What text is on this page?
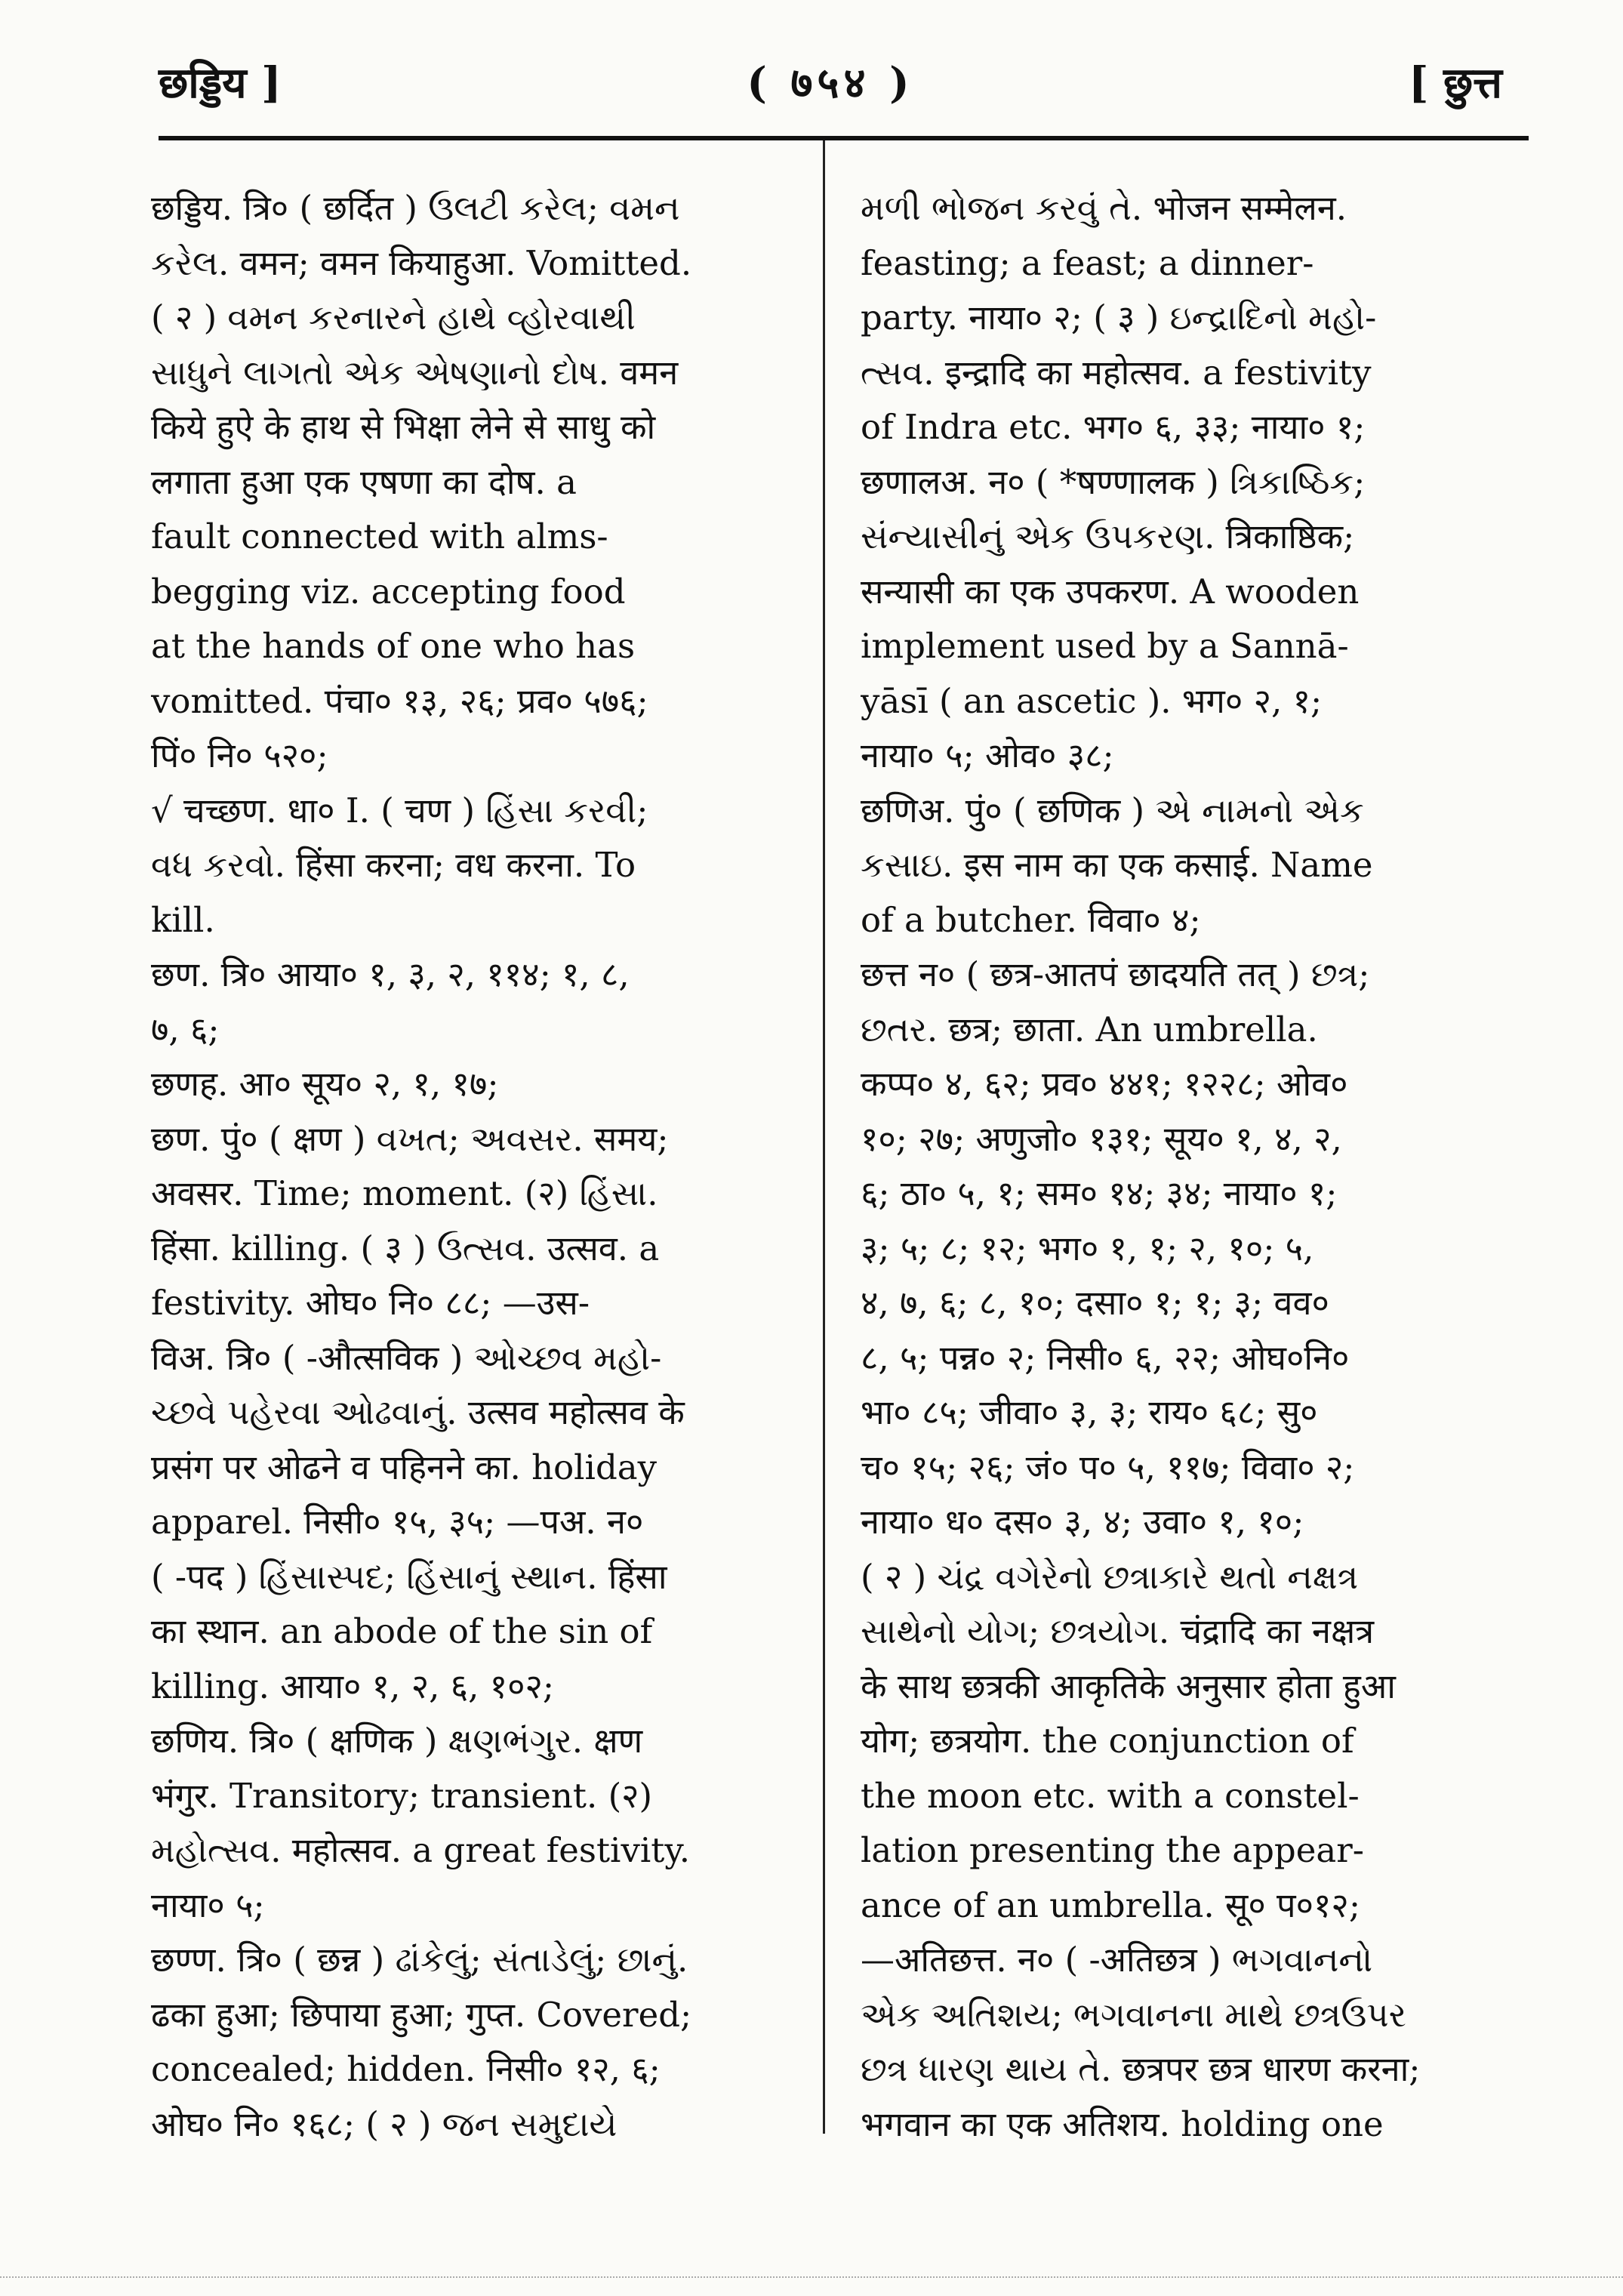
छड्डिय ]	( ७५४ )	[ छुत्त
छड्डिय. त्रि० ( छर्दित ) ઉલટી કરેલ; વમન
કરેલ. वमन; वमन कियाहुआ. Vomitted.
( २ ) વમન કરનારને હાથે વ્હોરવાથી
સાધુને લાગતો એક એષણાનો દોષ. वमन
किये हुऐ के हाथ से भिक्षा लेने से साधु को
लगाता हुआ एक एषणा का दोष. a
fault connected with alms-
begging viz. accepting food
at the hands of one who has
vomitted. पंचा० १३, २६; प्रव० ५७६;
पिं० नि० ५२०;
√ चच्छण. धा० I. ( चण ) હિંસા કરવી;
વધ કરવો. हिंसा करना; वध करना. To
kill.
छण. त्रि० आया० १, ३, २, ११४; १, ८,
७, ६;
छणह. आ० सूय० २, १, १७;
छण. पुं० ( क्षण ) વખત; અવસર. समय;
अवसर. Time; moment. (२) હિંસા.
हिंसा. killing. ( ३ ) ઉત્સવ. उत्सव. a
festivity. ओघ० नि० ८८; —उस-
विअ. त्रि० ( -औत्सविक ) ઓચ્છવ મહો-
ચ્છવે પહેરવા ઓઢવાનું. उत्सव महोत्सव के
प्रसंग पर ओढने व पहिनने का. holiday
apparel. निसी० १५, ३५; —पअ. न०
( -पद ) હિંસાસ્પદ; હિંસાનું સ્થાન. हिंसा
का स्थान. an abode of the sin of
killing. आया० १, २, ६, १०२;
छणिय. त्रि० ( क्षणिक ) ક્ષણભંગુર. क्षण
भंगुर. Transitory; transient. (२)
મહોત્સવ. महोत्सव. a great festivity.
नाया० ५;
छण्ण. त्रि० ( छन्न ) ઢાંકેલું; સંતાડેલું; છાનું.
ढका हुआ; छिपाया हुआ; गुप्त. Covered;
concealed; hidden. निसी० १२, ६;
ओघ० नि० १६८; ( २ ) જન સમુદાયે
મળી ભોજન કરવું તે. भोजन सम्मेलन.
feasting; a feast; a dinner-
party. नाया० २; ( ३ ) ઇન્દ્રાદિનો મહો-
ત્સવ. इन्द्रादि का महोत्सव. a festivity
of Indra etc. भग० ६, ३३; नाया० १;
छणालअ. न० ( *षण्णालक ) ત્રિકાષ્ઠિક;
સંન્યાસીનું એક ઉપકરણ. त्रिकाष्ठिक;
सन्यासी का एक उपकरण. A wooden
implement used by a Sannā-
yāsī ( an ascetic ). भग० २, १;
नाया० ५; ओव० ३८;
छणिअ. पुं० ( छणिक ) એ નામનો એક
કસાઇ. इस नाम का एक कसाई. Name
of a butcher. विवा० ४;
छत्त न० ( छत्र-आतपं छादयति तत् ) છત્ર;
છતર. छत्र; छाता. An umbrella.
कप्प० ४, ६२; प्रव० ४४१; १२२८; ओव०
१०; २७; अणुजो० १३१; सूय० १, ४, २,
६; ठा० ५, १; सम० १४; ३४; नाया० १;
३; ५; ८; १२; भग० १, १; २, १०; ५,
४, ७, ६; ८, १०; दसा० १; १; ३; वव०
८, ५; पन्न० २; निसी० ६, २२; ओघ०नि०
भा० ८५; जीवा० ३, ३; राय० ६८; सु०
च० १५; २६; जं० प० ५, ११७; विवा० २;
नाया० ध० दस० ३, ४; उवा० १, १०;
( २ ) ચંદ્ર વગેરેનો છત્રાકારે થતો નક્ષત્ર
સાથેનો યોગ; છત્રયોગ. चंद्रादि का नक्षत्र
के साथ छत्रकी आकृतिके अनुसार होता हुआ
योग; छत्रयोग. the conjunction of
the moon etc. with a constel-
lation presenting the appear-
ance of an umbrella. सू० प०१२;
—अतिछत्त. न० ( -अतिछत्र ) ભગવાનનો
એક અતિશય; ભગવાનના માથે છત્રઉપર
છત્ર ધારણ થાય તે. छत्रपर छत्र धारण करना;
भगवान का एक अतिशय. holding one
